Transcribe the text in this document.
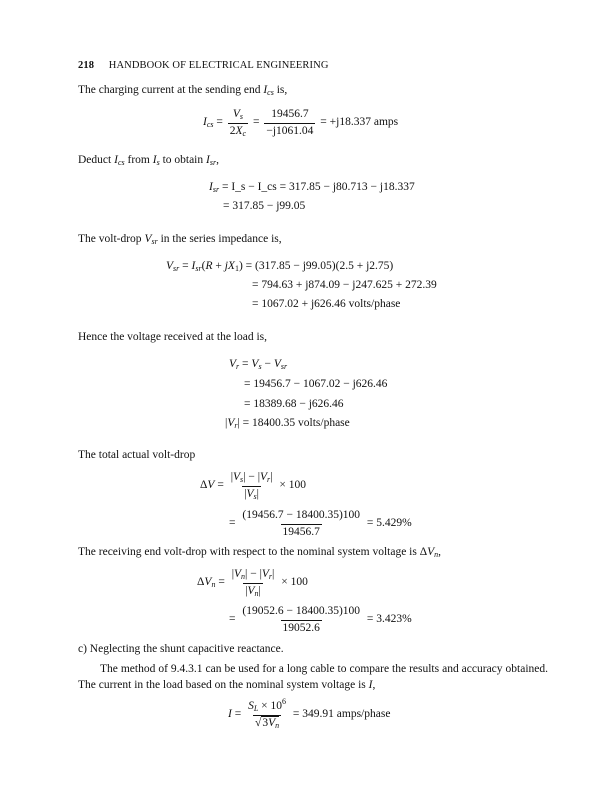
218 HANDBOOK OF ELECTRICAL ENGINEERING
The charging current at the sending end $I_{cs}$ is,
$I_{cs} = \frac{V_s}{2X_c} = \frac{19456.7}{-j1061.04}$
= +j18.337 amps
Deduct $I_{cs}$ from $I_s$ to obtain $I_{sr}$,
$I_{sr}$ = I_s − I_cs = 317.85 − j80.713 − j18.337
= 317.85 − j99.05
The volt-drop $V_{sr}$ in the series impedance is,
$V_{sr} = I_{sr}(R + jX_1) = (317.85 - j99.05)(2.5 + j2.75)$
= 794.63 + j874.09 − j247.625 + 272.39
= 1067.02 + j626.46 volts/phase
Hence the voltage received at the load is,
$V_r = V_s - V_{sr}$
= 19456.7 − 1067.02 − j626.46
= 18389.68 − j626.46
$|V_r| = 18400.35$ volts/phase
The total actual volt-drop
$\Delta V = \frac{|V_s| - |V_r|}{|V_s|}$
× 100
= $\frac{(19456.7 - 18400.35)100}{19456.7}$
= 5.429%
The receiving end volt-drop with respect to the nominal system voltage is $\Delta V_n$,
$\Delta V_n = \frac{|V_n| - |V_r|}{|V_n|}$
× 100
= $\frac{(19052.6 - 18400.35)100}{19052.6}$
= 3.423%
c) Neglecting the shunt capacitive reactance.
The method of 9.4.3.1 can be used for a long cable to compare the results and accuracy obtained. The current in the load based on the nominal system voltage is I,
$I = \frac{S_L \times 10^6}{√3V_n}$
= 349.91 amps/phase
